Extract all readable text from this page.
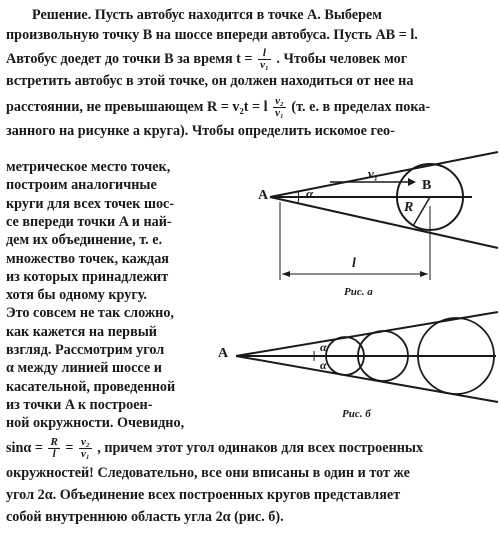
Решение. Пусть автобус находится в точке A. Выберем
произвольную точку B на шоссе впереди автобуса. Пусть AB = l.
Автобус доедет до точки B за время $t = \frac{l}{\text{v₁}}$ . Чтобы человек мог
встретить автобус в этой точке, он должен находиться от нее на
расстоянии, не превышающем R = v₂t = l $\frac{\text{v₂}}{\text{v₁}} (т$. е. в пределах пока-
занного на рисунке а круга). Чтобы определить искомое гео-
метрическое место точек,
построим аналогичные
круги для всех точек шос-
се впереди точки A и най-
дем их объединение, т. е.
множество точек, каждая
из которых принадлежит
хотя бы одному кругу.
Это совсем не так сложно,
как кажется на первый
взгляд. Рассмотрим угол
α между линией шоссе и
касательной, проведенной
из точки A к построен-
ной окружности. Очевидно,
A
B
R
α
v₁
l
Рис. а
A	α
α
Рис. б
$\sin\alpha = \frac{R}{l} = \frac{\text{v₂}}{\text{v₁}}$ , причем этот угол одинаков для всех построенных
окружностей! Следовательно, все они вписаны в один и тот же
угол 2α. Объединение всех построенных кругов представляет
собой внутреннюю область угла 2α (рис. б).
